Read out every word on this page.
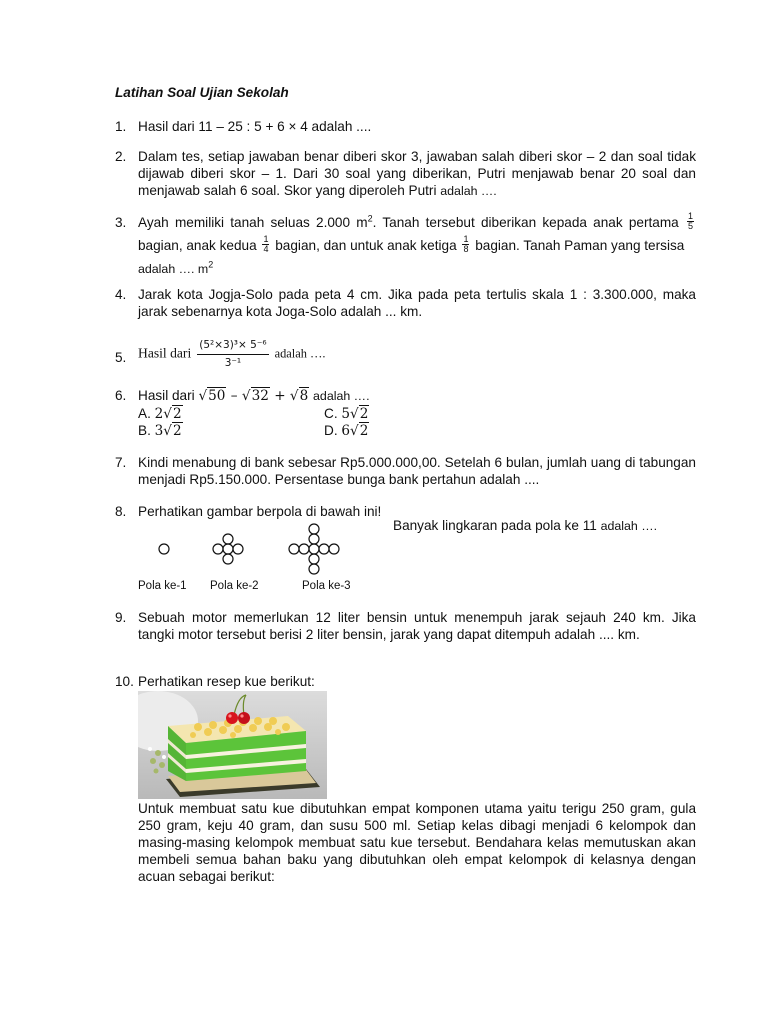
Latihan Soal Ujian Sekolah
1. Hasil dari 11 – 25 : 5 + 6 × 4 adalah ....
2. Dalam tes, setiap jawaban benar diberi skor 3, jawaban salah diberi skor – 2 dan soal tidak dijawab diberi skor – 1. Dari 30 soal yang diberikan, Putri menjawab benar 20 soal dan menjawab salah 6 soal. Skor yang diperoleh Putri adalah ….
3. Ayah memiliki tanah seluas 2.000 $m^2$. Tanah tersebut diberikan kepada anak pertama $\frac{1}{5}$
bagian, anak kedua $\frac{1}{4}$ bagian, dan untuk anak ketiga $\frac{1}{8}$ bagian. Tanah Paman yang tersisa
adalah …. $m^2$
4. Jarak kota Jogja-Solo pada peta 4 cm. Jika pada peta tertulis skala 1 : 3.300.000, maka jarak sebenarnya kota Joga-Solo adalah ... km.
5. Hasil dari $\frac{\text{(5²×3)³× 5⁻⁶}}{\text{3⁻¹}}$ adalah ….
6. Hasil dari √50 – √32 + √8 adalah ….
A. 2√2
B. 3√2
C. 5√2
D. 6√2
7. Kindi menabung di bank sebesar Rp5.000.000,00. Setelah 6 bulan, jumlah uang di tabungan menjadi Rp5.150.000. Persentase bunga bank pertahun adalah ....
8. Perhatikan gambar berpola di bawah ini!
Banyak lingkaran pada pola ke 11 adalah ….
Pola ke-1 Pola ke-2	Pola ke-3
9. Sebuah motor memerlukan 12 liter bensin untuk menempuh jarak sejauh 240 km. Jika tangki motor tersebut berisi 2 liter bensin, jarak yang dapat ditempuh adalah .... km.
10. Perhatikan resep kue berikut:
Untuk membuat satu kue dibutuhkan empat komponen utama yaitu terigu 250 gram, gula 250 gram, keju 40 gram, dan susu 500 ml. Setiap kelas dibagi menjadi 6 kelompok dan masing-masing kelompok membuat satu kue tersebut. Bendahara kelas memutuskan akan membeli semua bahan baku yang dibutuhkan oleh empat kelompok di kelasnya dengan acuan sebagai berikut:
